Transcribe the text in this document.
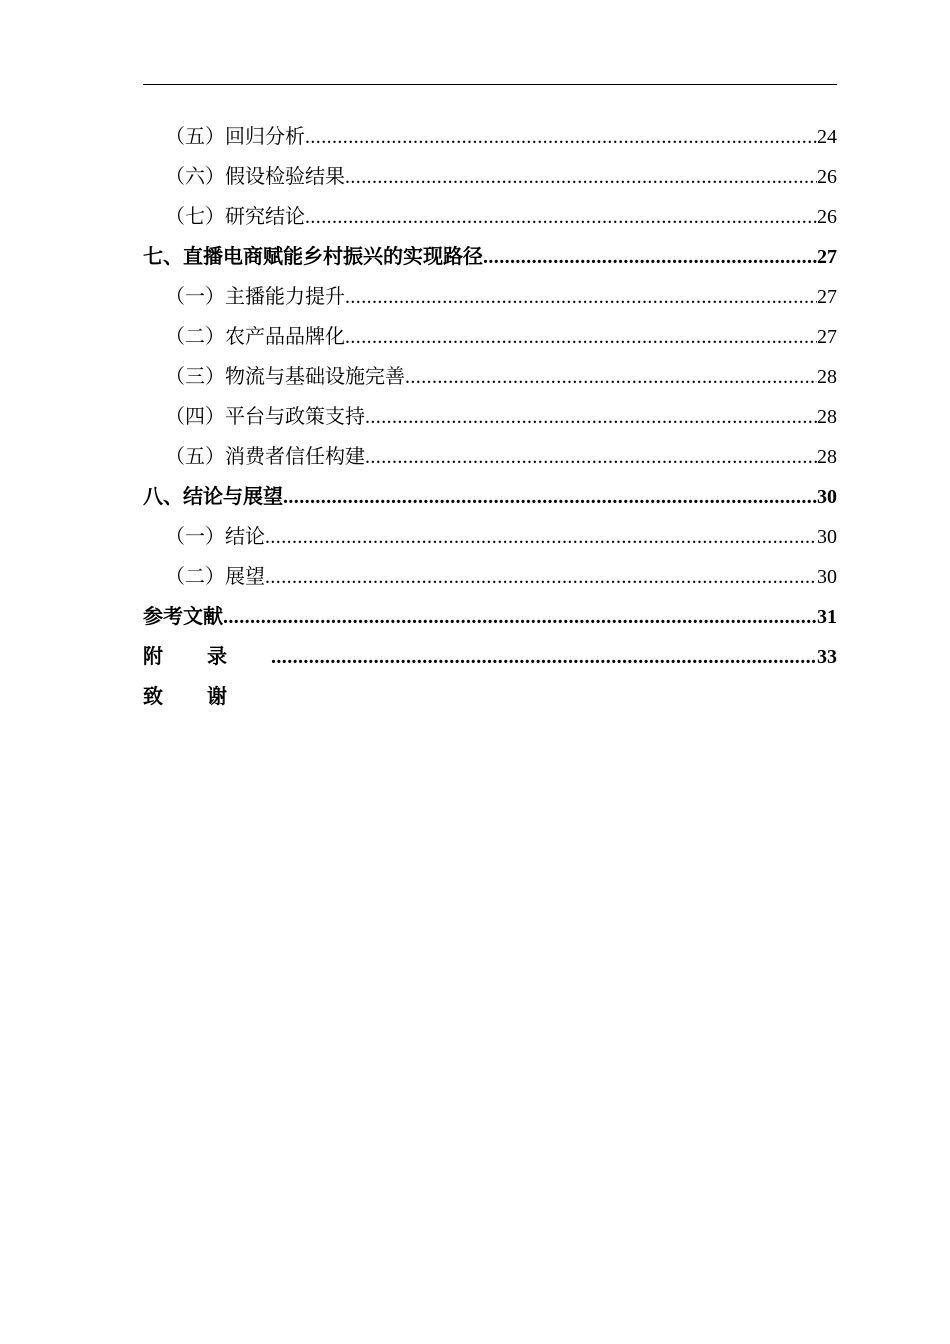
（五）回归分析 .....	24
（六）假设检验结果 .....	26
（七）研究结论 .....	26
七、直播电商赋能乡村振兴的实现路径 .....	27
（一）主播能力提升 .....	27
（二）农产品品牌化 .....	27
（三）物流与基础设施完善 .....	28
（四）平台与政策支持 .....	28
（五）消费者信任构建 .....	28
八、结论与展望 .....	30
（一）结论 .....	30
（二）展望 .....	30
参考文献 .....	31
附录 .....	33
致谢
